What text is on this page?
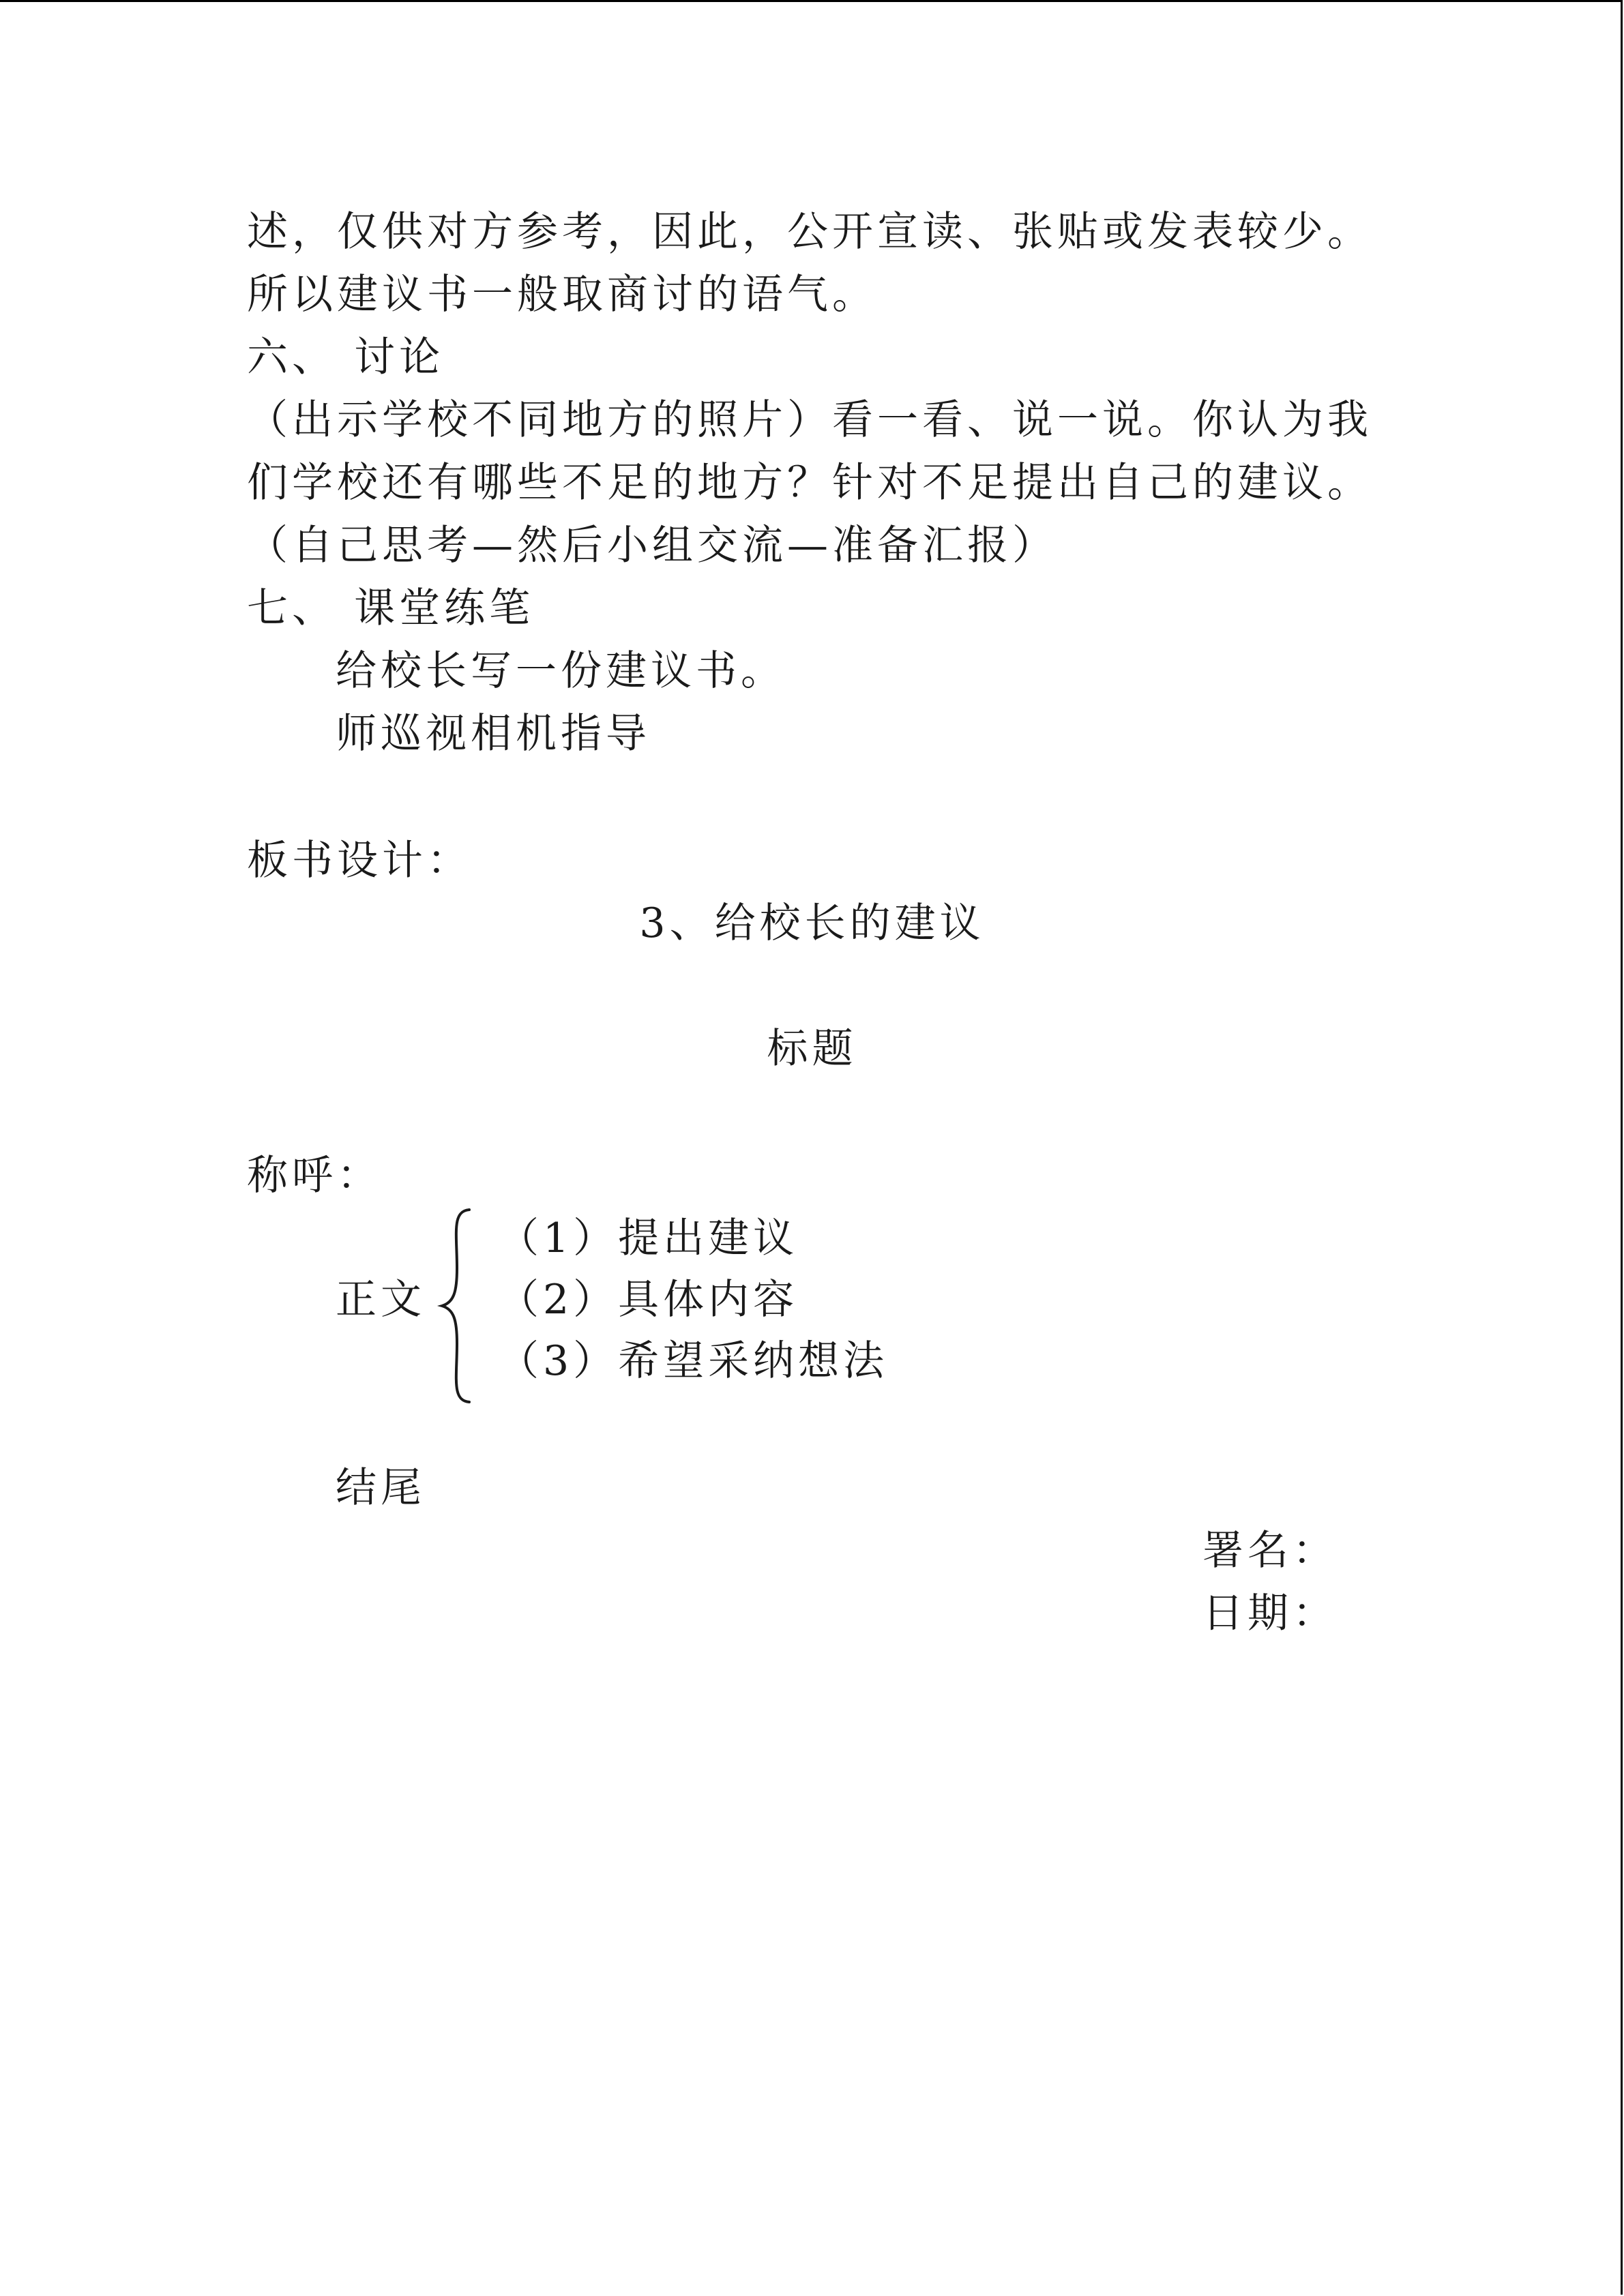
述，仅供对方参考，因此，公开宣读、张贴或发表较少。
所以建议书一般取商讨的语气。
六、 讨论
（出示学校不同地方的照片）看一看、说一说。你认为我
们学校还有哪些不足的地方？针对不足提出自己的建议。
（自己思考—然后小组交流—准备汇报）
七、 课堂练笔
给校长写一份建议书。
师巡视相机指导
板书设计：
3、给校长的建议
标题
称呼：
正文
（1）提出建议
（2）具体内容
（3）希望采纳想法
结尾
署名：
日期：
